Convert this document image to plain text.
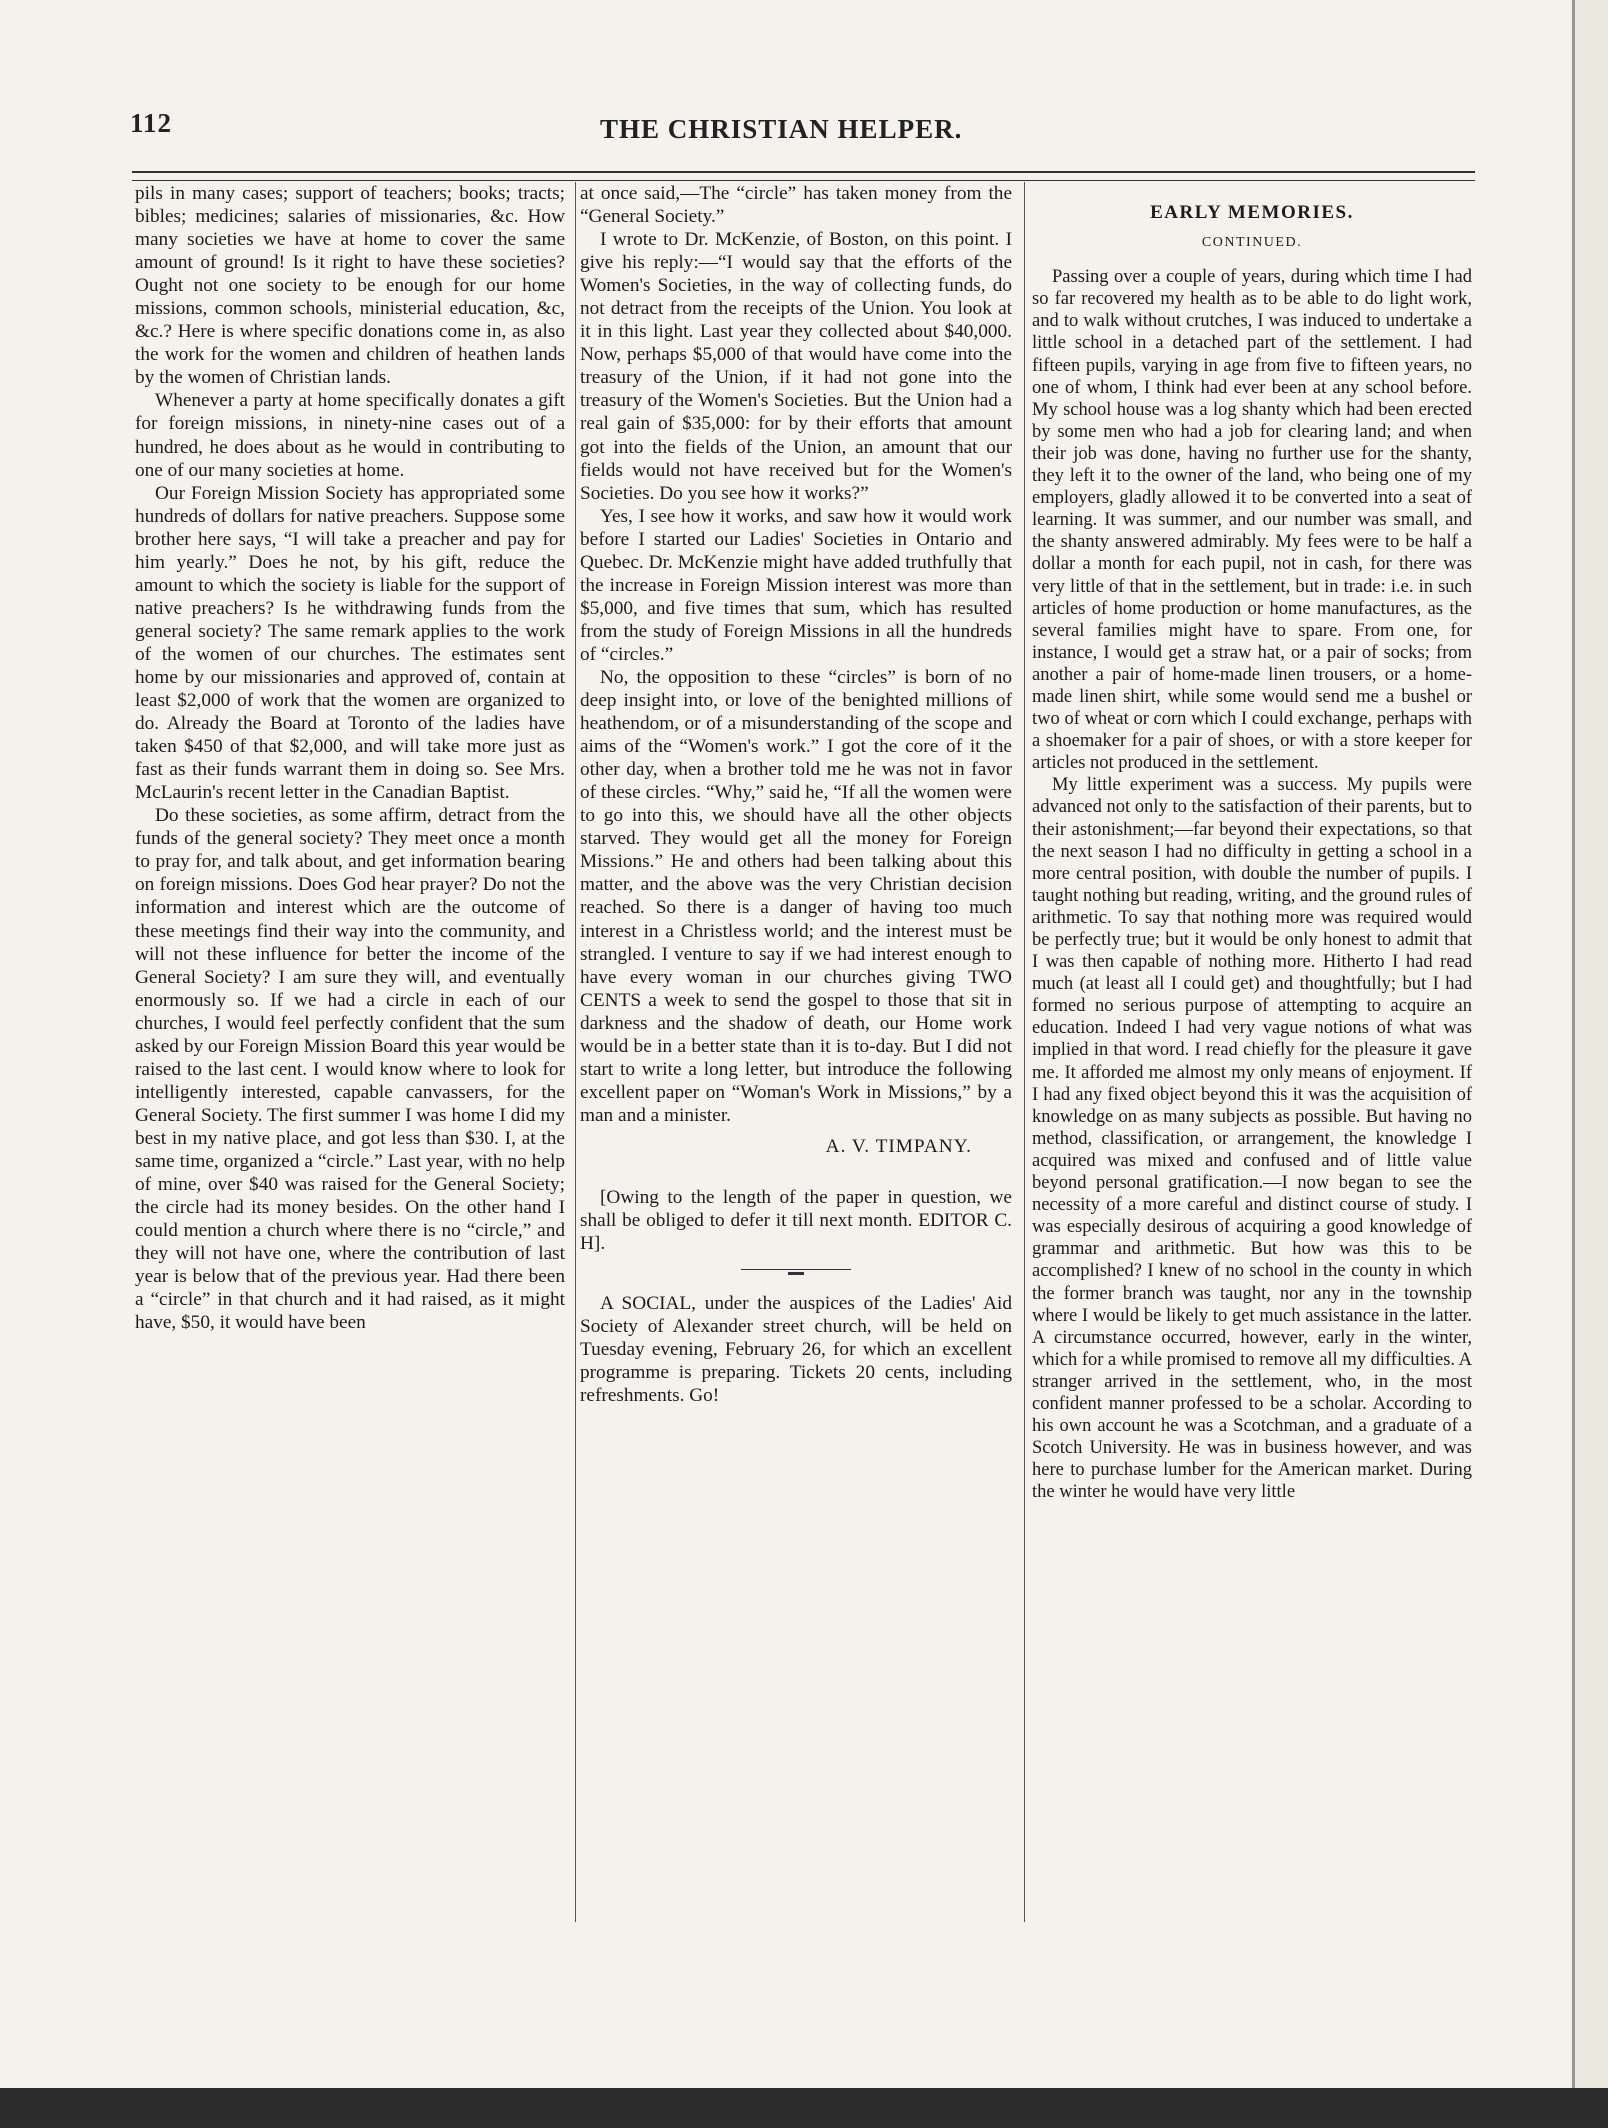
112	THE CHRISTIAN HELPER.

pils in many cases; support of teachers; books; tracts; bibles; medicines; salaries of missionaries, &c. How many societies we have at home to cover the same amount of ground! Is it right to have these societies? Ought not one society to be enough for our home missions, common schools, ministerial education, &c, &c.? Here is where specific donations come in, as also the work for the women and children of heathen lands by the women of Christian lands.

Whenever a party at home specifically donates a gift for foreign missions, in ninety-nine cases out of a hundred, he does about as he would in contributing to one of our many societies at home.

Our Foreign Mission Society has appropriated some hundreds of dollars for native preachers. Suppose some brother here says, “I will take a preacher and pay for him yearly.” Does he not, by his gift, reduce the amount to which the society is liable for the support of native preachers? Is he withdrawing funds from the general society? The same remark applies to the work of the women of our churches. The estimates sent home by our missionaries and approved of, contain at least $2,000 of work that the women are organized to do. Already the Board at Toronto of the ladies have taken $450 of that $2,000, and will take more just as fast as their funds warrant them in doing so. See Mrs. McLaurin's recent letter in the Canadian Baptist.

Do these societies, as some affirm, detract from the funds of the general society? They meet once a month to pray for, and talk about, and get information bearing on foreign missions. Does God hear prayer? Do not the information and interest which are the outcome of these meetings find their way into the community, and will not these influence for better the income of the General Society? I am sure they will, and eventually enormously so. If we had a circle in each of our churches, I would feel perfectly confident that the sum asked by our Foreign Mission Board this year would be raised to the last cent. I would know where to look for intelligently interested, capable canvassers, for the General Society. The first summer I was home I did my best in my native place, and got less than $30. I, at the same time, organized a “circle.” Last year, with no help of mine, over $40 was raised for the General Society; the circle had its money besides. On the other hand I could mention a church where there is no “circle,” and they will not have one, where the contribution of last year is below that of the previous year. Had there been a “circle” in that church and it had raised, as it might have, $50, it would have been

at once said,—The “circle” has taken money from the “General Society.”

I wrote to Dr. McKenzie, of Boston, on this point. I give his reply:—“I would say that the efforts of the Women's Societies, in the way of collecting funds, do not detract from the receipts of the Union. You look at it in this light. Last year they collected about $40,000. Now, perhaps $5,000 of that would have come into the treasury of the Union, if it had not gone into the treasury of the Women's Societies. But the Union had a real gain of $35,000: for by their efforts that amount got into the fields of the Union, an amount that our fields would not have received but for the Women's Societies. Do you see how it works?”

Yes, I see how it works, and saw how it would work before I started our Ladies' Societies in Ontario and Quebec. Dr. McKenzie might have added truthfully that the increase in Foreign Mission interest was more than $5,000, and five times that sum, which has resulted from the study of Foreign Missions in all the hundreds of “circles.”

No, the opposition to these “circles” is born of no deep insight into, or love of the benighted millions of heathendom, or of a misunderstanding of the scope and aims of the “Women's work.” I got the core of it the other day, when a brother told me he was not in favor of these circles. “Why,” said he, “If all the women were to go into this, we should have all the other objects starved. They would get all the money for Foreign Missions.” He and others had been talking about this matter, and the above was the very Christian decision reached. So there is a danger of having too much interest in a Christless world; and the interest must be strangled. I venture to say if we had interest enough to have every woman in our churches giving TWO CENTS a week to send the gospel to those that sit in darkness and the shadow of death, our Home work would be in a better state than it is to-day. But I did not start to write a long letter, but introduce the following excellent paper on “Woman's Work in Missions,” by a man and a minister.

A. V. TIMPANY.

[Owing to the length of the paper in question, we shall be obliged to defer it till next month. EDITOR C. H].

A SOCIAL, under the auspices of the Ladies' Aid Society of Alexander street church, will be held on Tuesday evening, February 26, for which an excellent programme is preparing. Tickets 20 cents, including refreshments. Go!

EARLY MEMORIES.

CONTINUED.

Passing over a couple of years, during which time I had so far recovered my health as to be able to do light work, and to walk without crutches, I was induced to undertake a little school in a detached part of the settlement. I had fifteen pupils, varying in age from five to fifteen years, no one of whom, I think had ever been at any school before. My school house was a log shanty which had been erected by some men who had a job for clearing land; and when their job was done, having no further use for the shanty, they left it to the owner of the land, who being one of my employers, gladly allowed it to be converted into a seat of learning. It was summer, and our number was small, and the shanty answered admirably. My fees were to be half a dollar a month for each pupil, not in cash, for there was very little of that in the settlement, but in trade: i.e. in such articles of home production or home manufactures, as the several families might have to spare. From one, for instance, I would get a straw hat, or a pair of socks; from another a pair of home-made linen trousers, or a home-made linen shirt, while some would send me a bushel or two of wheat or corn which I could exchange, perhaps with a shoemaker for a pair of shoes, or with a store keeper for articles not produced in the settlement.

My little experiment was a success. My pupils were advanced not only to the satisfaction of their parents, but to their astonishment;—far beyond their expectations, so that the next season I had no difficulty in getting a school in a more central position, with double the number of pupils. I taught nothing but reading, writing, and the ground rules of arithmetic. To say that nothing more was required would be perfectly true; but it would be only honest to admit that I was then capable of nothing more. Hitherto I had read much (at least all I could get) and thoughtfully; but I had formed no serious purpose of attempting to acquire an education. Indeed I had very vague notions of what was implied in that word. I read chiefly for the pleasure it gave me. It afforded me almost my only means of enjoyment. If I had any fixed object beyond this it was the acquisition of knowledge on as many subjects as possible. But having no method, classification, or arrangement, the knowledge I acquired was mixed and confused and of little value beyond personal gratification.—I now began to see the necessity of a more careful and distinct course of study. I was especially desirous of acquiring a good knowledge of grammar and arithmetic. But how was this to be accomplished? I knew of no school in the county in which the former branch was taught, nor any in the township where I would be likely to get much assistance in the latter. A circumstance occurred, however, early in the winter, which for a while promised to remove all my difficulties. A stranger arrived in the settlement, who, in the most confident manner professed to be a scholar. According to his own account he was a Scotchman, and a graduate of a Scotch University. He was in business however, and was here to purchase lumber for the American market. During the winter he would have very little
